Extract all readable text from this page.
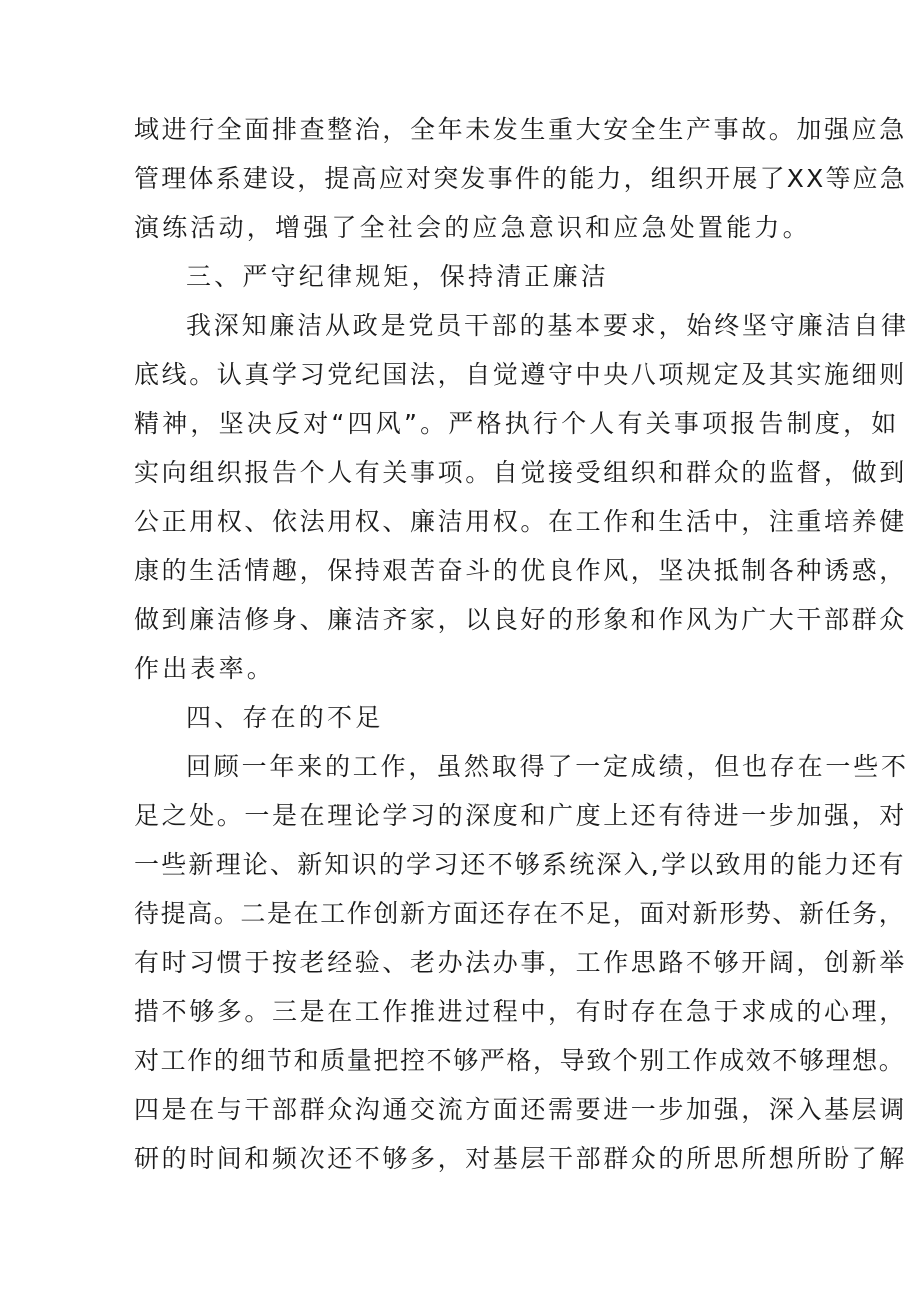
域进行全面排查整治，全年未发生重大安全生产事故。加强应急
管理体系建设，提高应对突发事件的能力，组织开展了XX等应急
演练活动，增强了全社会的应急意识和应急处置能力。
三、严守纪律规矩，保持清正廉洁
我深知廉洁从政是党员干部的基本要求，始终坚守廉洁自律
底线。认真学习党纪国法，自觉遵守中央八项规定及其实施细则
精神，坚决反对“四风”。严格执行个人有关事项报告制度，如
实向组织报告个人有关事项。自觉接受组织和群众的监督，做到
公正用权、依法用权、廉洁用权。在工作和生活中，注重培养健
康的生活情趣，保持艰苦奋斗的优良作风，坚决抵制各种诱惑，
做到廉洁修身、廉洁齐家，以良好的形象和作风为广大干部群众
作出表率。
四、存在的不足
回顾一年来的工作，虽然取得了一定成绩，但也存在一些不
足之处。一是在理论学习的深度和广度上还有待进一步加强，对
一些新理论、新知识的学习还不够系统深入,学以致用的能力还有
待提高。二是在工作创新方面还存在不足，面对新形势、新任务，
有时习惯于按老经验、老办法办事，工作思路不够开阔，创新举
措不够多。三是在工作推进过程中，有时存在急于求成的心理，
对工作的细节和质量把控不够严格，导致个别工作成效不够理想。
四是在与干部群众沟通交流方面还需要进一步加强，深入基层调
研的时间和频次还不够多，对基层干部群众的所思所想所盼了解
